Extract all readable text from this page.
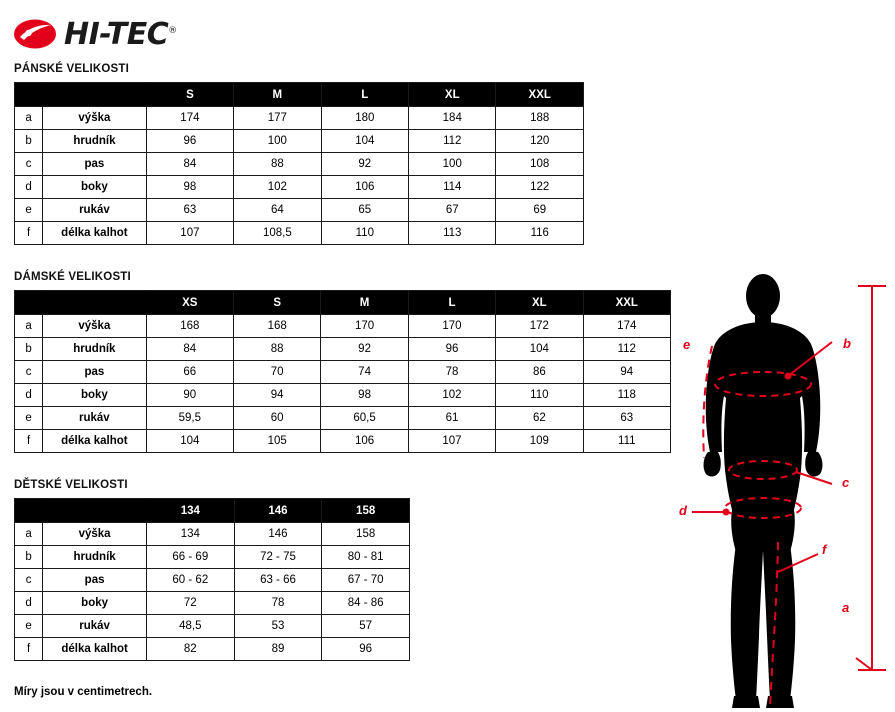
HI-TEC®
PÁNSKÉ VELIKOSTI
		S	M	L	XL	XXL
a	výška	174	177	180	184	188
b	hrudník	96	100	104	112	120
c	pas	84	88	92	100	108
d	boky	98	102	106	114	122
e	rukáv	63	64	65	67	69
f	délka kalhot	107	108,5	110	113	116
DÁMSKÉ VELIKOSTI
		XS	S	M	L	XL	XXL
a	výška	168	168	170	170	172	174
b	hrudník	84	88	92	96	104	112
c	pas	66	70	74	78	86	94
d	boky	90	94	98	102	110	118
e	rukáv	59,5	60	60,5	61	62	63
f	délka kalhot	104	105	106	107	109	111
DĚTSKÉ VELIKOSTI
		134	146	158
a	výška	134	146	158
b	hrudník	66 - 69	72 - 75	80 - 81
c	pas	60 - 62	63 - 66	67 - 70
d	boky	72	78	84 - 86
e	rukáv	48,5	53	57
f	délka kalhot	82	89	96
Míry jsou v centimetrech.
b
c
d
e
f
a
